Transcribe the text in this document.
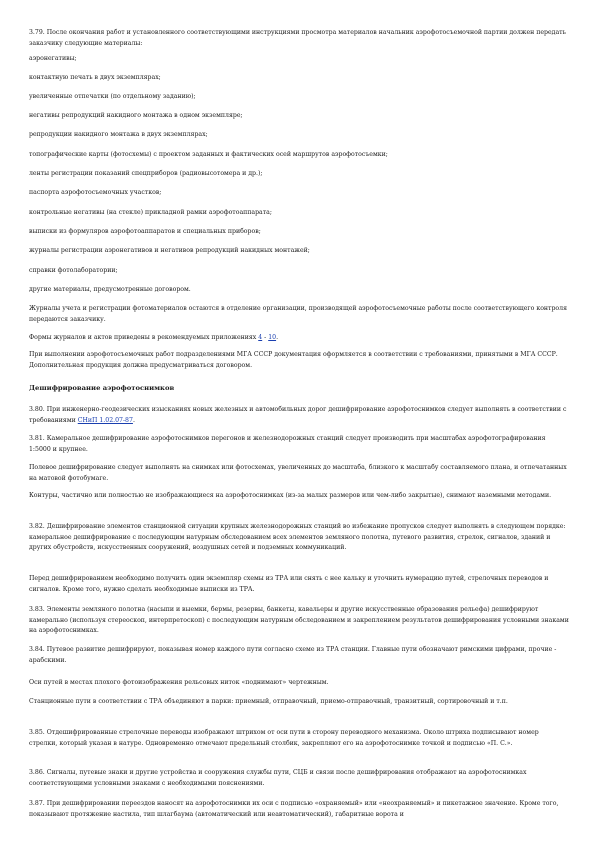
3.79. После окончания работ и установленного соответствующими инструкциями просмотра материалов начальник аэрофотосъемочной партии должен передать заказчику следующие материалы:

аэронегативы;

контактную печать в двух экземплярах;

увеличенные отпечатки (по отдельному заданию);

негативы репродукций накидного монтажа в одном экземпляре;

репродукции накидного монтажа в двух экземплярах;

топографические карты (фотосхемы) с проектом заданных и фактических осей маршрутов аэрофотосъемки;

ленты регистрации показаний спецприборов (радиовысотомера и др.);

паспорта аэрофотосъемочных участков;

контрольные негативы (на стекле) прикладной рамки аэрофотоаппарата;

выписки из формуляров аэрофотоаппаратов и специальных приборов;

журналы регистрации аэронегативов и негативов репродукций накидных монтажей;

справки фотолаборатории;

другие материалы, предусмотренные договором.

Журналы учета и регистрации фотоматериалов остаются в отделение организации, производящей аэрофотосъемочные работы после соответствующего контроля передаются заказчику.

Формы журналов и актов приведены в рекомендуемых приложениях 4 - 10.

При выполнении аэрофотосъемочных работ подразделениями МГА СССР документация оформляется в соответствии с требованиями, принятыми в МГА СССР. Дополнительная продукция должна предусматриваться договором.

Дешифрирование аэрофотоснимков

3.80. При инженерно-геодезических изысканиях новых железных и автомобильных дорог дешифрирование аэрофотоснимков следует выполнять в соответствии с требованиями СНиП 1.02.07-87.

3.81. Камеральное дешифрирование аэрофотоснимков перегонов и железнодорожных станций следует производить при масштабах аэрофотографирования 1:5000 и крупнее.

Полевое дешифрирование следует выполнять на снимках или фотосхемах, увеличенных до масштаба, близкого к масштабу составляемого плана, и отпечатанных на матовой фотобумаге.

Контуры, частично или полностью не изображающиеся на аэрофотоснимках (из-за малых размеров или чем-либо закрытые), снимают наземными методами.

3.82. Дешифрирование элементов станционной ситуации крупных железнодорожных станций во избежание пропусков следует выполнять в следующем порядке: камеральное дешифрирование с последующим натурным обследованием всех элементов земляного полотна, путевого развития, стрелок, сигналов, зданий и других обустройств, искусственных сооружений, воздушных сетей и подземных коммуникаций.

Перед дешифрированием необходимо получить один экземпляр схемы из ТРА или снять с нее кальку и уточнить нумерацию путей, стрелочных переводов и сигналов. Кроме того, нужно сделать необходимые выписки из ТРА.

3.83. Элементы земляного полотна (насыпи и выемки, бермы, резервы, банкеты, кавальеры и другие искусственные образования рельефа) дешифрируют камерально (используя стереоскоп, интерпретоскоп) с последующим натурным обследованием и закреплением результатов дешифрирования условными знаками на аэрофотоснимках.

3.84. Путевое развитие дешифрируют, показывая номер каждого пути согласно схеме из ТРА станции. Главные пути обозначают римскими цифрами, прочие - арабскими.

Оси путей в местах плохого фотоизображения рельсовых ниток «поднимают» чертежным.

Станционные пути в соответствии с ТРА объединяют в парки: приемный, отправочный, приемо-отправочный, транзитный, сортировочный и т.п.

3.85. Отдешифрированные стрелочные переводы изображают штрихом от оси пути в сторону переводного механизма. Около штриха подписывают номер стрелки, который указан в натуре. Одновременно отмечают предельный столбик, закрепляют его на аэрофотоснимке точкой и подписью «П. С.».

3.86. Сигналы, путевые знаки и другие устройства и сооружения службы пути, СЦБ и связи после дешифрирования отображают на аэрофотоснимках соответствующими условными знаками с необходимыми пояснениями.

3.87. При дешифрировании переездов наносят на аэрофотоснимки их оси с подписью «охраняемый» или «неохраняемый» и пикетажное значение. Кроме того, показывают протяжение настила, тип шлагбаума (автоматический или неавтоматический), габаритные ворота и
